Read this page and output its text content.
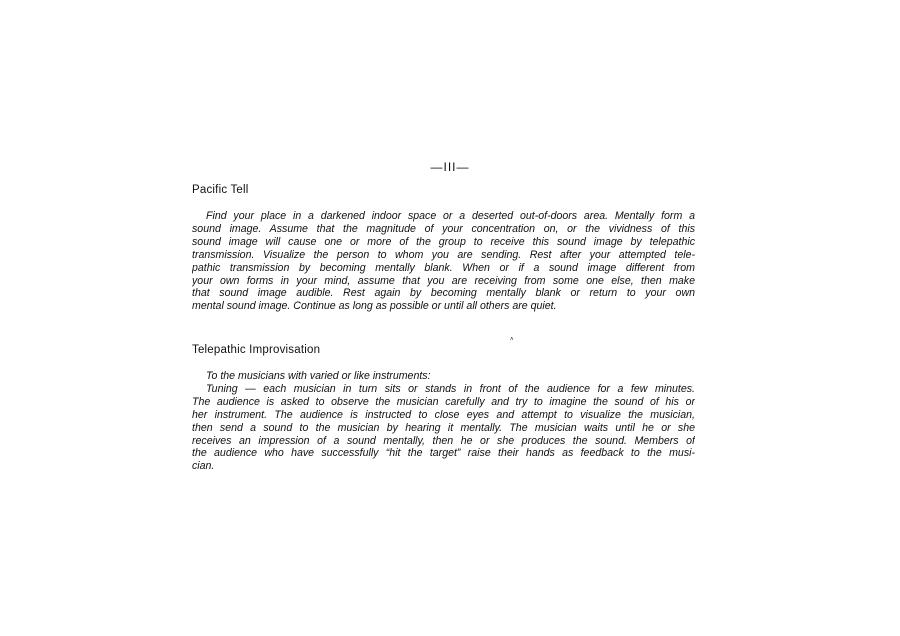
—III—
Pacific Tell
Find your place in a darkened indoor space or a deserted out-of-doors area. Mentally form a
sound image. Assume that the magnitude of your concentration on, or the vividness of this
sound image will cause one or more of the group to receive this sound image by telepathic
transmission. Visualize the person to whom you are sending. Rest after your attempted tele-
pathic transmission by becoming mentally blank. When or if a sound image different from
your own forms in your mind, assume that you are receiving from some one else, then make
that sound image audible. Rest again by becoming mentally blank or return to your own
mental sound image. Continue as long as possible or until all others are quiet.
˄
Telepathic Improvisation
To the musicians with varied or like instruments:
Tuning — each musician in turn sits or stands in front of the audience for a few minutes.
The audience is asked to observe the musician carefully and try to imagine the sound of his or
her instrument. The audience is instructed to close eyes and attempt to visualize the musician,
then send a sound to the musician by hearing it mentally. The musician waits until he or she
receives an impression of a sound mentally, then he or she produces the sound. Members of
the audience who have successfully “hit the target” raise their hands as feedback to the musi-
cian.
